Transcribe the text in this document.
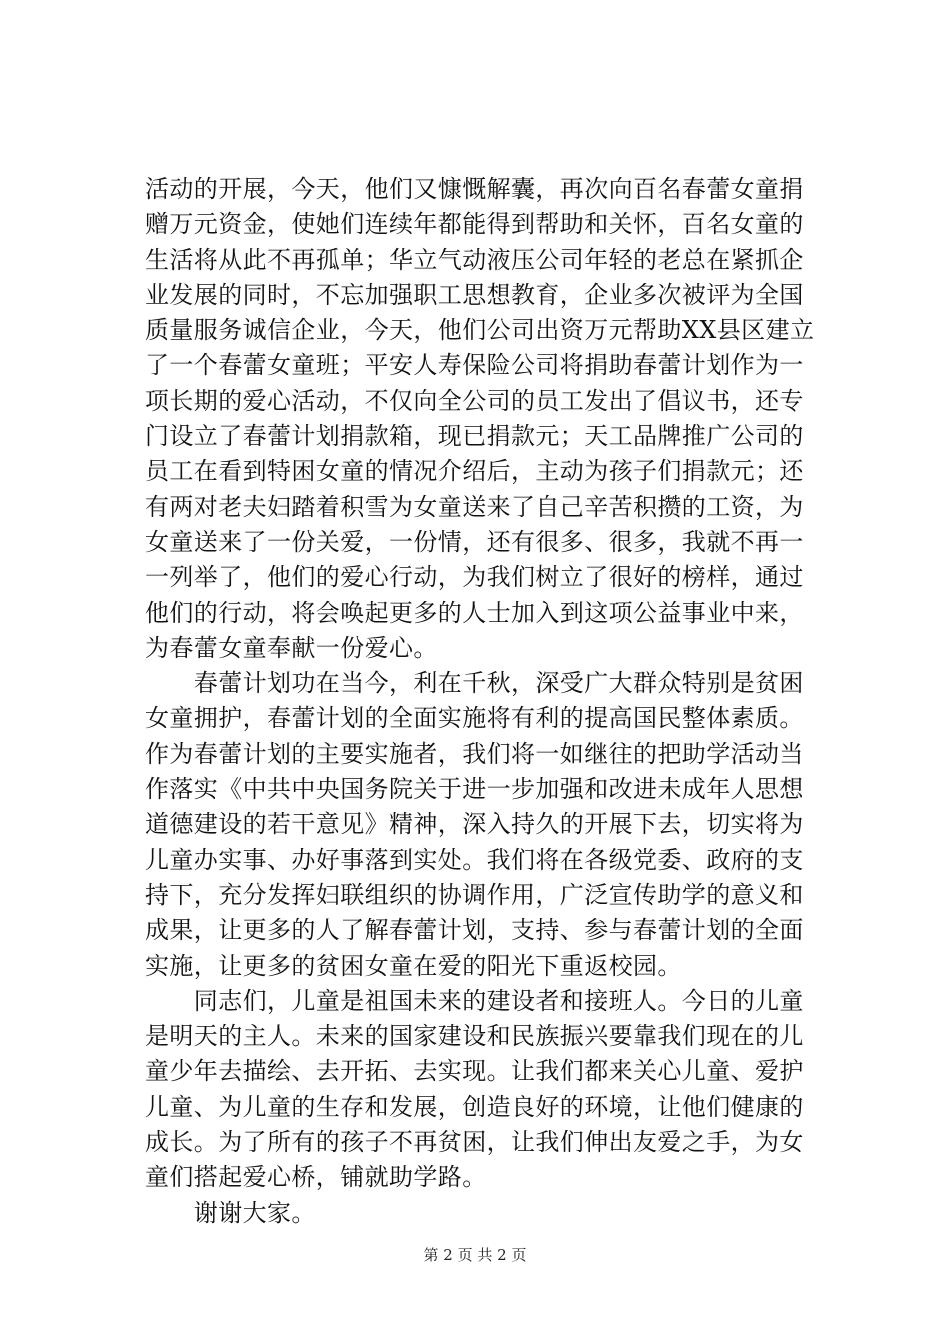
活动的开展，今天，他们又慷慨解囊，再次向百名春蕾女童捐
赠万元资金，使她们连续年都能得到帮助和关怀，百名女童的
生活将从此不再孤单；华立气动液压公司年轻的老总在紧抓企
业发展的同时，不忘加强职工思想教育，企业多次被评为全国
质量服务诚信企业，今天，他们公司出资万元帮助XX县区建立
了一个春蕾女童班；平安人寿保险公司将捐助春蕾计划作为一
项长期的爱心活动，不仅向全公司的员工发出了倡议书，还专
门设立了春蕾计划捐款箱，现已捐款元；天工品牌推广公司的
员工在看到特困女童的情况介绍后，主动为孩子们捐款元；还
有两对老夫妇踏着积雪为女童送来了自己辛苦积攒的工资，为
女童送来了一份关爱，一份情，还有很多、很多，我就不再一
一列举了，他们的爱心行动，为我们树立了很好的榜样，通过
他们的行动，将会唤起更多的人士加入到这项公益事业中来，
为春蕾女童奉献一份爱心。
　　春蕾计划功在当今，利在千秋，深受广大群众特别是贫困
女童拥护，春蕾计划的全面实施将有利的提高国民整体素质。
作为春蕾计划的主要实施者，我们将一如继往的把助学活动当
作落实《中共中央国务院关于进一步加强和改进未成年人思想
道德建设的若干意见》精神，深入持久的开展下去，切实将为
儿童办实事、办好事落到实处。我们将在各级党委、政府的支
持下，充分发挥妇联组织的协调作用，广泛宣传助学的意义和
成果，让更多的人了解春蕾计划，支持、参与春蕾计划的全面
实施，让更多的贫困女童在爱的阳光下重返校园。
　　同志们，儿童是祖国未来的建设者和接班人。今日的儿童
是明天的主人。未来的国家建设和民族振兴要靠我们现在的儿
童少年去描绘、去开拓、去实现。让我们都来关心儿童、爱护
儿童、为儿童的生存和发展，创造良好的环境，让他们健康的
成长。为了所有的孩子不再贫困，让我们伸出友爱之手，为女
童们搭起爱心桥，铺就助学路。
　　谢谢大家。
第 2 页 共 2 页
